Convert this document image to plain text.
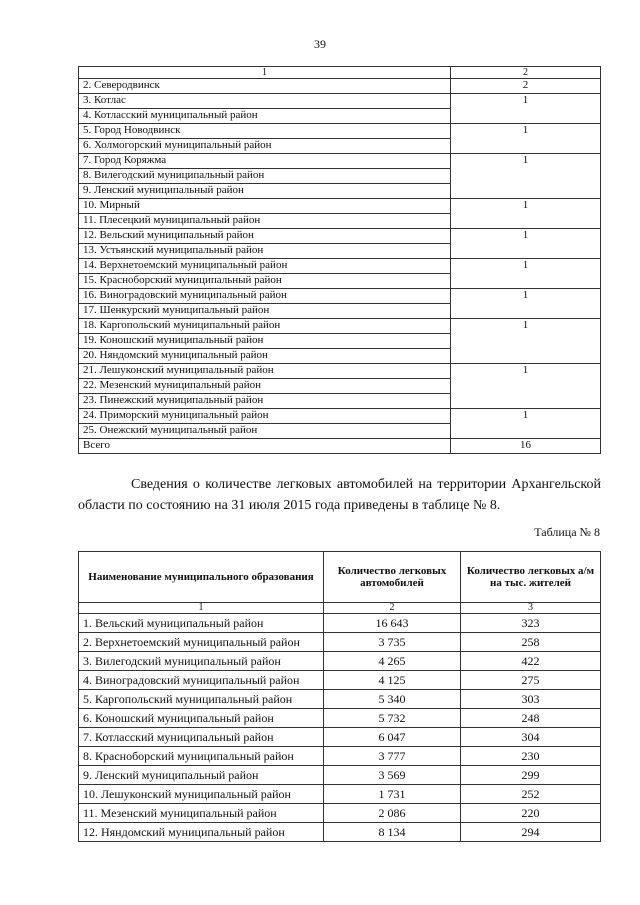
39
1	2
2. Северодвинск	2
3. Котлас	1
4. Котласский муниципальный район	
5. Город Новодвинск	1
6. Холмогорский муниципальный район	
7. Город Коряжма	1
8. Вилегодский муниципальный район	
9. Ленский муниципальный район	
10. Мирный	1
11. Плесецкий муниципальный район	
12. Вельский муниципальный район	1
13. Устьянский муниципальный район	
14. Верхнетоемский муниципальный район	1
15. Красноборский муниципальный район	
16. Виноградовский муниципальный район	1
17. Шенкурский муниципальный район	
18. Каргопольский муниципальный район	1
19. Коношский муниципальный район	
20. Няндомский муниципальный район	
21. Лешуконский муниципальный район	1
22. Мезенский муниципальный район	
23. Пинежский муниципальный район	
24. Приморский муниципальный район	1
25. Онежский муниципальный район	
Всего	16
Сведения о количестве легковых автомобилей на территории Архангельской
области по состоянию на 31 июля 2015 года приведены в таблице № 8.
Таблица № 8
Наименование муниципального образования	Количество легковых автомобилей	Количество легковых а/м на тыс. жителей
1	2	3
1. Вельский муниципальный район	16 643	323
2. Верхнетоемский муниципальный район	3 735	258
3. Вилегодский муниципальный район	4 265	422
4. Виноградовский муниципальный район	4 125	275
5. Каргопольский муниципальный район	5 340	303
6. Коношский муниципальный район	5 732	248
7. Котласский муниципальный район	6 047	304
8. Красноборский муниципальный район	3 777	230
9. Ленский муниципальный район	3 569	299
10. Лешуконский муниципальный район	1 731	252
11. Мезенский муниципальный район	2 086	220
12. Няндомский муниципальный район	8 134	294
